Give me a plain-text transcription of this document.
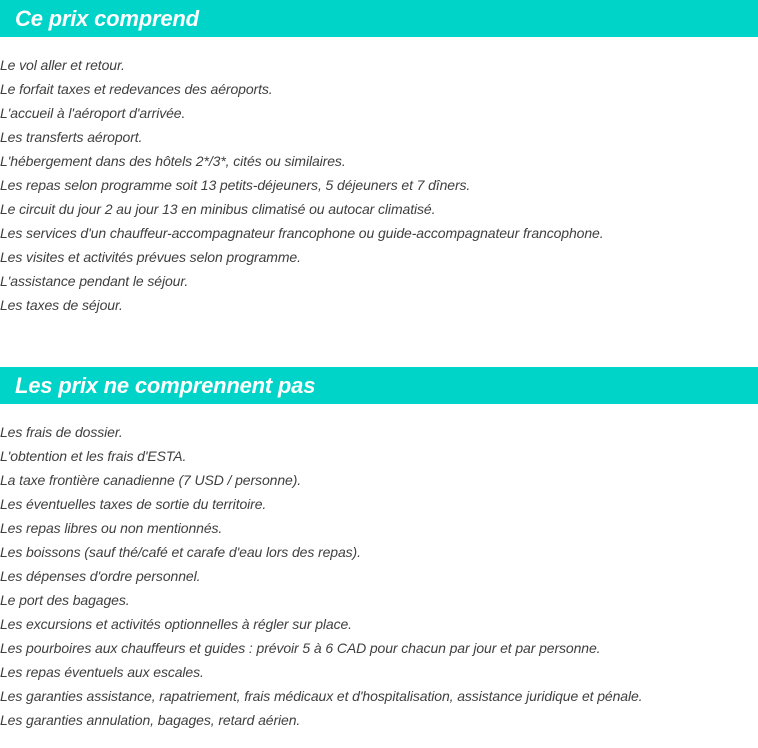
Ce prix comprend
Le vol aller et retour.
Le forfait taxes et redevances des aéroports.
L'accueil à l'aéroport d'arrivée.
Les transferts aéroport.
L'hébergement dans des hôtels 2*/3*, cités ou similaires.
Les repas selon programme soit 13 petits-déjeuners, 5 déjeuners et 7 dîners.
Le circuit du jour 2 au jour 13 en minibus climatisé ou autocar climatisé.
Les services d'un chauffeur-accompagnateur francophone ou guide-accompagnateur francophone.
Les visites et activités prévues selon programme.
L'assistance pendant le séjour.
Les taxes de séjour.
Les prix ne comprennent pas
Les frais de dossier.
L'obtention et les frais d'ESTA.
La taxe frontière canadienne (7 USD / personne).
Les éventuelles taxes de sortie du territoire.
Les repas libres ou non mentionnés.
Les boissons (sauf thé/café et carafe d'eau lors des repas).
Les dépenses d'ordre personnel.
Le port des bagages.
Les excursions et activités optionnelles à régler sur place.
Les pourboires aux chauffeurs et guides : prévoir 5 à 6 CAD pour chacun par jour et par personne.
Les repas éventuels aux escales.
Les garanties assistance, rapatriement, frais médicaux et d'hospitalisation, assistance juridique et pénale.
Les garanties annulation, bagages, retard aérien.
